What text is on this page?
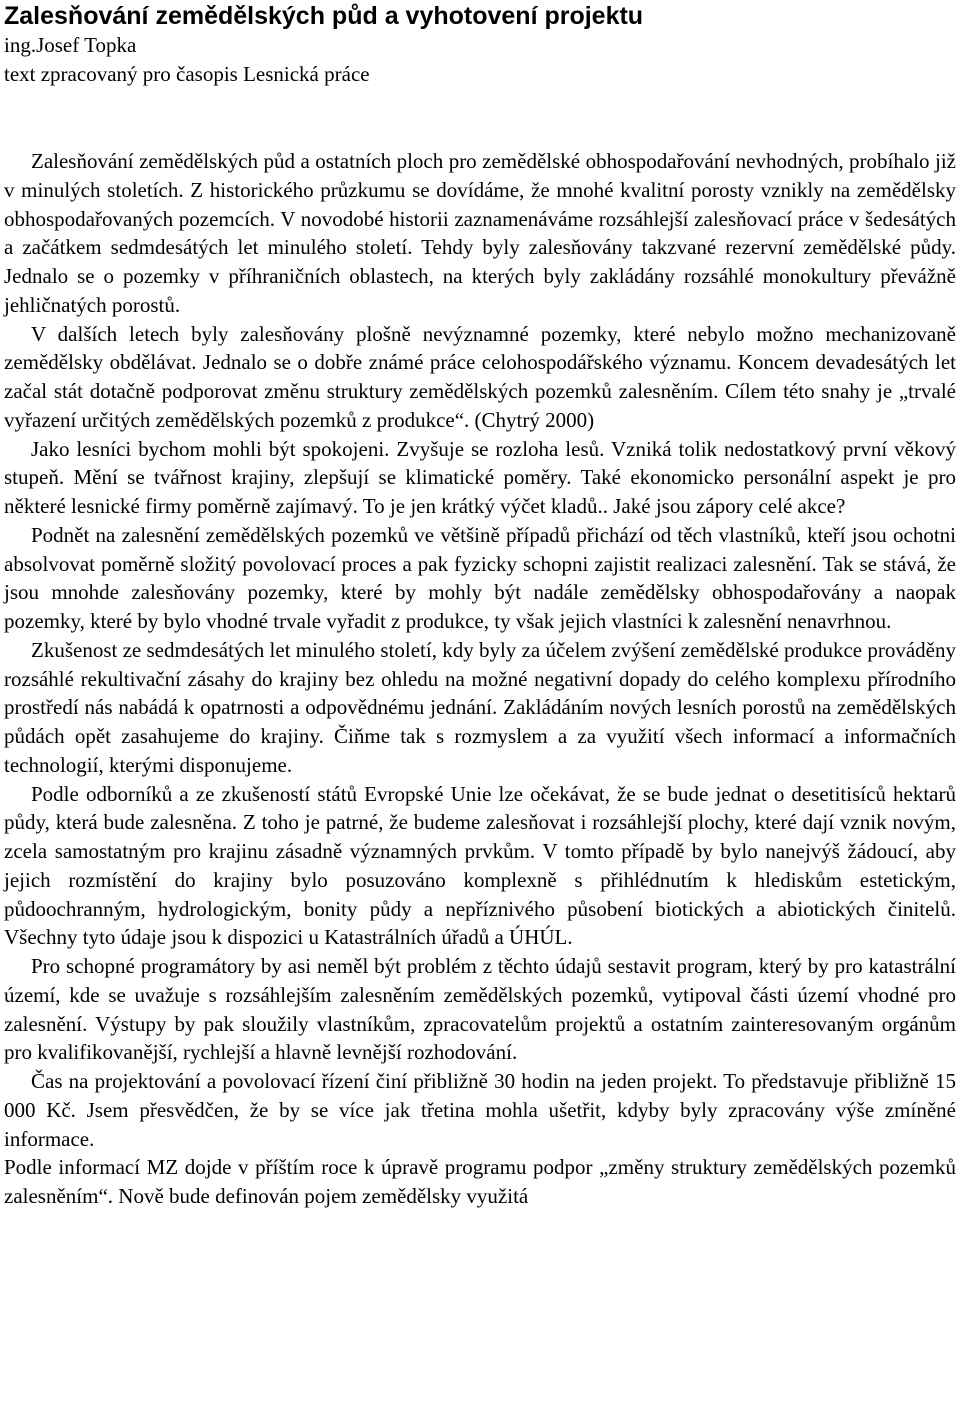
Zalesňování zemědělských půd a vyhotovení projektu

ing.Josef Topka

text zpracovaný pro časopis Lesnická práce

Zalesňování zemědělských půd a ostatních ploch pro zemědělské obhospodařování nevhodných, probíhalo již v minulých stoletích. Z historického průzkumu se dovídáme, že mnohé kvalitní porosty vznikly na zemědělsky obhospodařovaných pozemcích. V novodobé historii zaznamenáváme rozsáhlejší zalesňovací práce v šedesátých a začátkem sedmdesátých let minulého století. Tehdy byly zalesňovány takzvané rezervní zemědělské půdy. Jednalo se o pozemky v příhraničních oblastech, na kterých byly zakládány rozsáhlé monokultury převážně jehličnatých porostů.

V dalších letech byly zalesňovány plošně nevýznamné pozemky, které nebylo možno mechanizovaně zemědělsky obdělávat. Jednalo se o dobře známé práce celohospodářského významu. Koncem devadesátých let začal stát dotačně podporovat změnu struktury zemědělských pozemků zalesněním. Cílem této snahy je „trvalé vyřazení určitých zemědělských pozemků z produkce“. (Chytrý 2000)

Jako lesníci bychom mohli být spokojeni. Zvyšuje se rozloha lesů. Vzniká tolik nedostatkový první věkový stupeň. Mění se tvářnost krajiny, zlepšují se klimatické poměry. Také ekonomicko personální aspekt je pro některé lesnické firmy poměrně zajímavý. To je jen krátký výčet kladů.. Jaké jsou zápory celé akce?

Podnět na zalesnění zemědělských pozemků ve většině případů přichází od těch vlastníků, kteří jsou ochotni absolvovat poměrně složitý povolovací proces a pak fyzicky schopni zajistit realizaci zalesnění. Tak se stává, že jsou mnohde zalesňovány pozemky, které by mohly být nadále zemědělsky obhospodařovány a naopak pozemky, které by bylo vhodné trvale vyřadit z produkce, ty však jejich vlastníci k zalesnění nenavrhnou.

Zkušenost ze sedmdesátých let minulého století, kdy byly za účelem zvýšení zemědělské produkce prováděny rozsáhlé rekultivační zásahy do krajiny bez ohledu na možné negativní dopady do celého komplexu přírodního prostředí nás nabádá k opatrnosti a odpovědnému jednání. Zakládáním nových lesních porostů na zemědělských půdách opět zasahujeme do krajiny. Čiňme tak s rozmyslem a za využití všech informací a informačních technologií, kterými disponujeme.

Podle odborníků a ze zkušeností států Evropské Unie lze očekávat, že se bude jednat o desetitisíců hektarů půdy, která bude zalesněna. Z toho je patrné, že budeme zalesňovat i rozsáhlejší plochy, které dají vznik novým, zcela samostatným pro krajinu zásadně významných prvkům. V tomto případě by bylo nanejvýš žádoucí, aby jejich rozmístění do krajiny bylo posuzováno komplexně s přihlédnutím k hlediskům estetickým, půdoochranným, hydrologickým, bonity půdy a nepříznivého působení biotických a abiotických činitelů. Všechny tyto údaje jsou k dispozici u Katastrálních úřadů a ÚHÚL.

Pro schopné programátory by asi neměl být problém z těchto údajů sestavit program, který by pro katastrální území, kde se uvažuje s rozsáhlejším zalesněním zemědělských pozemků, vytipoval části území vhodné pro zalesnění. Výstupy by pak sloužily vlastníkům, zpracovatelům projektů a ostatním zainteresovaným orgánům pro kvalifikovanější, rychlejší a hlavně levnější rozhodování.

Čas na projektování a povolovací řízení činí přibližně 30 hodin na jeden projekt. To představuje přibližně 15 000 Kč. Jsem přesvědčen, že by se více jak třetina mohla ušetřit, kdyby byly zpracovány výše zmíněné informace.

Podle informací MZ dojde v příštím roce k úpravě programu podpor „změny struktury zemědělských pozemků zalesněním“. Nově bude definován pojem zemědělsky využitá
